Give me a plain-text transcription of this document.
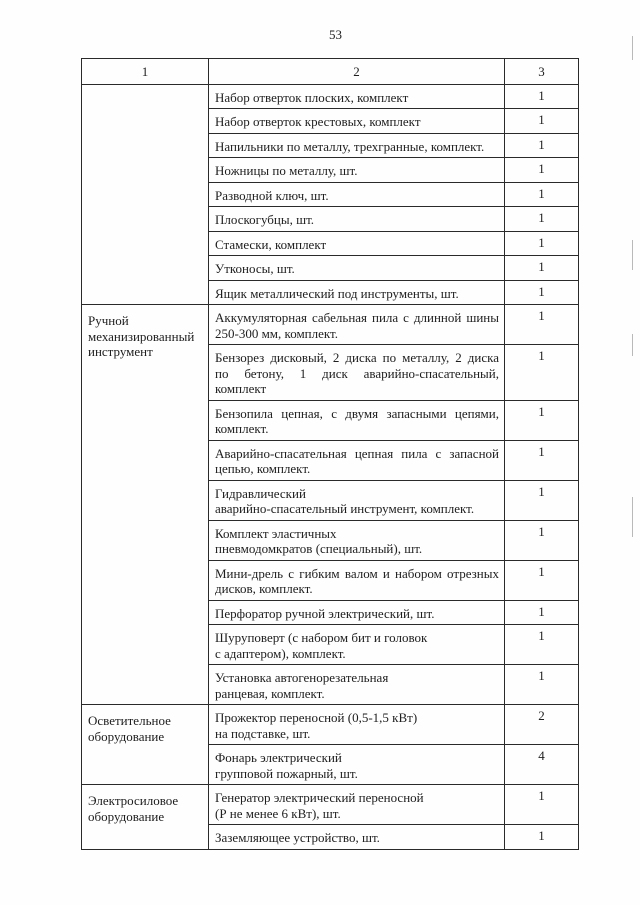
53
1	2	3
	Набор отверток плоских, комплект	1
	Набор отверток крестовых, комплект	1
	Напильники по металлу, трехгранные, комплект.	1
	Ножницы по металлу, шт.	1
	Разводной ключ, шт.	1
	Плоскогубцы, шт.	1
	Стамески, комплект	1
	Утконосы, шт.	1
	Ящик металлический под инструменты, шт.	1
Ручной механизированный инструмент	Аккумуляторная сабельная пила с длинной шины
250-300 мм, комплект.	1

	Бензорез дисковый, 2 диска по металлу, 2 диска
по бетону, 1 диск аварийно-спасательный,
комплект	1

	Бензопила цепная, с двумя запасными цепями,
комплект.	1

	Аварийно-спасательная цепная пила с запасной
цепью, комплект.	1
	Гидравлический
аварийно-спасательный инструмент, комплект.	1
	Комплект эластичных
пневмодомкратов (специальный), шт.	1

	Мини-дрель с гибким валом и набором отрезных
дисков, комплект.	1
	Перфоратор ручной электрический, шт.	1
	Шуруповерт (с набором бит и головок
с адаптером), комплект.	1
	Установка автогенорезательная
ранцевая, комплект.	1
Осветительное оборудование	Прожектор переносной (0,5-1,5 кВт)
на подставке, шт.	2
	Фонарь электрический
групповой пожарный, шт.	4
Электросиловое оборудование	Генератор электрический переносной
(Р не менее 6 кВт), шт.	1
	Заземляющее устройство, шт.	1
